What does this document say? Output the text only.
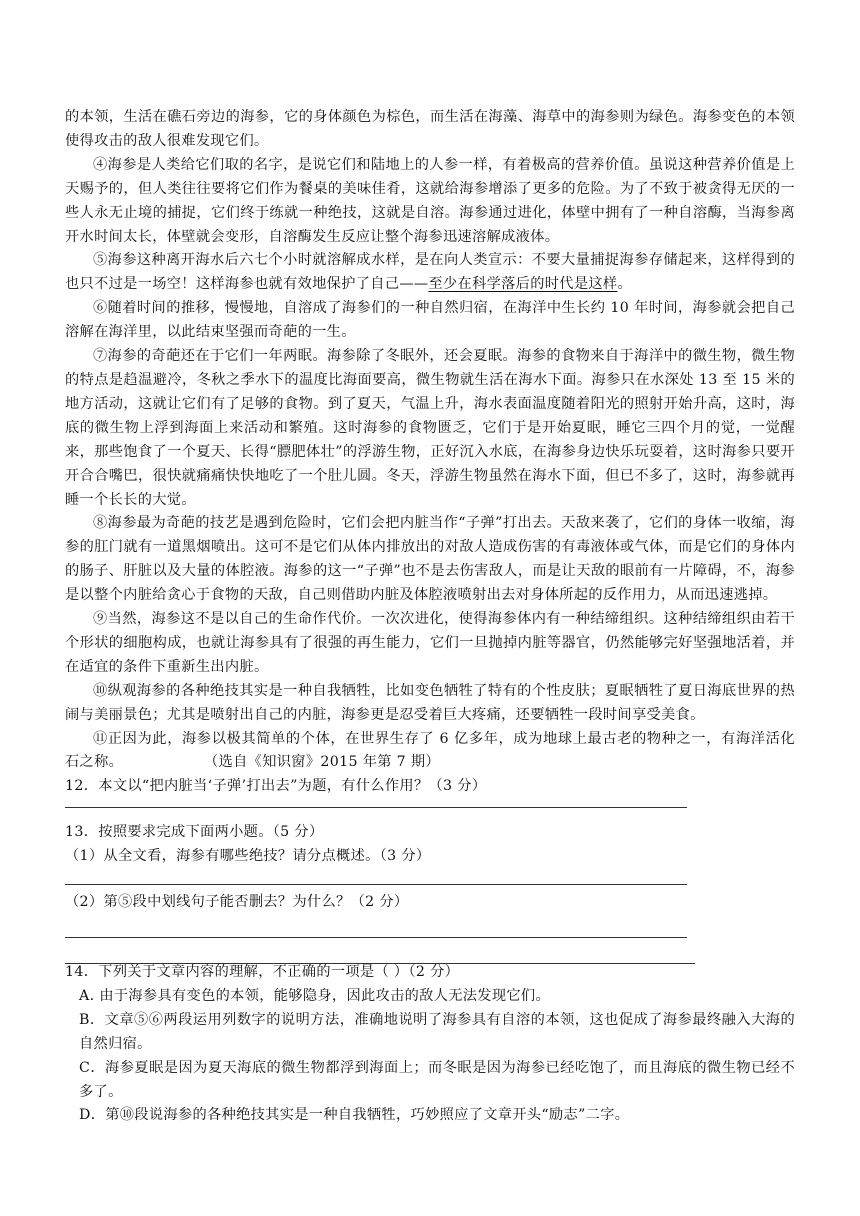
的本领，生活在礁石旁边的海参，它的身体颜色为棕色，而生活在海藻、海草中的海参则为绿色。海参变色的本领使得攻击的敌人很难发现它们。

④海参是人类给它们取的名字，是说它们和陆地上的人参一样，有着极高的营养价值。虽说这种营养价值是上天赐予的，但人类往往要将它们作为餐桌的美味佳肴，这就给海参增添了更多的危险。为了不致于被贪得无厌的一些人永无止境的捕捉，它们终于练就一种绝技，这就是自溶。海参通过进化，体壁中拥有了一种自溶酶，当海参离开水时间太长，体壁就会变形，自溶酶发生反应让整个海参迅速溶解成液体。

⑤海参这种离开海水后六七个小时就溶解成水样，是在向人类宣示：不要大量捕捉海参存储起来，这样得到的也只不过是一场空！这样海参也就有效地保护了自己——至少在科学落后的时代是这样。

⑥随着时间的推移，慢慢地，自溶成了海参们的一种自然归宿，在海洋中生长约 10 年时间，海参就会把自己溶解在海洋里，以此结束坚强而奇葩的一生。

⑦海参的奇葩还在于它们一年两眠。海参除了冬眠外，还会夏眠。海参的食物来自于海洋中的微生物，微生物的特点是趋温避冷，冬秋之季水下的温度比海面要高，微生物就生活在海水下面。海参只在水深处 13 至 15 米的地方活动，这就让它们有了足够的食物。到了夏天，气温上升，海水表面温度随着阳光的照射开始升高，这时，海底的微生物上浮到海面上来活动和繁殖。这时海参的食物匮乏，它们于是开始夏眠，睡它三四个月的觉，一觉醒来，那些饱食了一个夏天、长得“膘肥体壮”的浮游生物，正好沉入水底，在海参身边快乐玩耍着，这时海参只要开开合合嘴巴，很快就痛痛快快地吃了一个肚儿圆。冬天，浮游生物虽然在海水下面，但已不多了，这时，海参就再睡一个长长的大觉。

⑧海参最为奇葩的技艺是遇到危险时，它们会把内脏当作“子弹”打出去。天敌来袭了，它们的身体一收缩，海参的肛门就有一道黑烟喷出。这可不是它们从体内排放出的对敌人造成伤害的有毒液体或气体，而是它们的身体内的肠子、肝脏以及大量的体腔液。海参的这一“子弹”也不是去伤害敌人，而是让天敌的眼前有一片障碍，不，海参是以整个内脏给贪心于食物的天敌，自己则借助内脏及体腔液喷射出去对身体所起的反作用力，从而迅速逃掉。

⑨当然，海参这不是以自己的生命作代价。一次次进化，使得海参体内有一种结缔组织。这种结缔组织由若干个形状的细胞构成，也就让海参具有了很强的再生能力，它们一旦抛掉内脏等器官，仍然能够完好坚强地活着，并在适宜的条件下重新生出内脏。

⑩纵观海参的各种绝技其实是一种自我牺牲，比如变色牺牲了特有的个性皮肤；夏眠牺牲了夏日海底世界的热闹与美丽景色；尤其是喷射出自己的内脏，海参更是忍受着巨大疼痛，还要牺牲一段时间享受美食。

⑪正因为此，海参以极其简单的个体，在世界生存了 6 亿多年，成为地球上最古老的物种之一，有海洋活化石之称。	（选自《知识窗》2015 年第 7 期）

12．本文以“把内脏当‘子弹’打出去”为题，有什么作用？（3 分）

13．按照要求完成下面两小题。（5 分）

（1）从全文看，海参有哪些绝技？请分点概述。（3 分）

（2）第⑤段中划线句子能否删去？为什么？（2 分）

14．下列关于文章内容的理解，不正确的一项是（ ）（2 分）

A. 由于海参具有变色的本领，能够隐身，因此攻击的敌人无法发现它们。

B．文章⑤⑥两段运用列数字的说明方法，准确地说明了海参具有自溶的本领，这也促成了海参最终融入大海的自然归宿。

C．海参夏眠是因为夏天海底的微生物都浮到海面上；而冬眠是因为海参已经吃饱了，而且海底的微生物已经不多了。

D．第⑩段说海参的各种绝技其实是一种自我牺牲，巧妙照应了文章开头“励志”二字。
